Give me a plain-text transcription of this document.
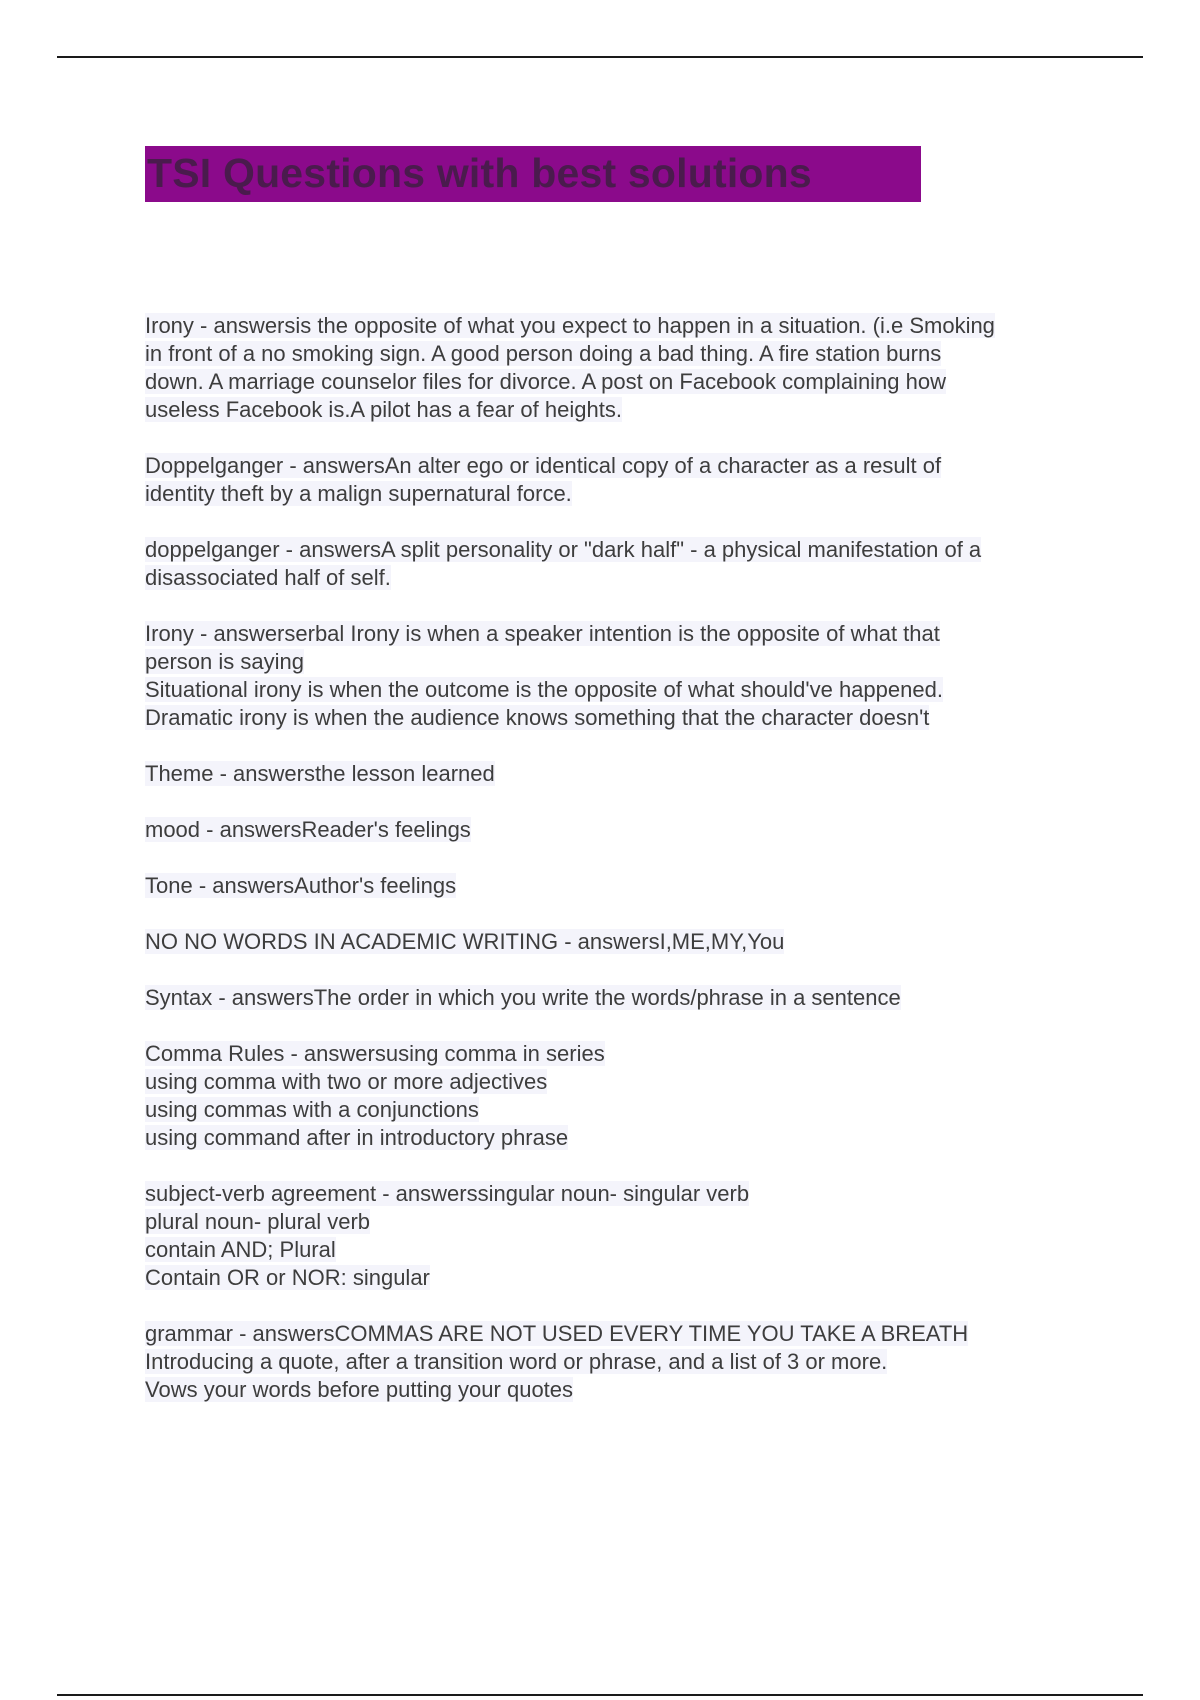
TSI Questions with best solutions
Irony - answersis the opposite of what you expect to happen in a situation. (i.e Smoking
in front of a no smoking sign. A good person doing a bad thing. A fire station burns
down. A marriage counselor files for divorce. A post on Facebook complaining how
useless Facebook is.A pilot has a fear of heights.
Doppelganger - answersAn alter ego or identical copy of a character as a result of
identity theft by a malign supernatural force.
doppelganger - answersA split personality or "dark half" - a physical manifestation of a
disassociated half of self.
Irony - answerserbal Irony is when a speaker intention is the opposite of what that
person is saying
Situational irony is when the outcome is the opposite of what should've happened.
Dramatic irony is when the audience knows something that the character doesn't
Theme - answersthe lesson learned
mood - answersReader's feelings
Tone - answersAuthor's feelings
NO NO WORDS IN ACADEMIC WRITING - answersI,ME,MY,You
Syntax - answersThe order in which you write the words/phrase in a sentence
Comma Rules - answersusing comma in series
using comma with two or more adjectives
using commas with a conjunctions
using command after in introductory phrase
subject-verb agreement - answerssingular noun- singular verb
plural noun- plural verb
contain AND; Plural
Contain OR or NOR: singular
grammar - answersCOMMAS ARE NOT USED EVERY TIME YOU TAKE A BREATH
Introducing a quote, after a transition word or phrase, and a list of 3 or more.
Vows your words before putting your quotes
